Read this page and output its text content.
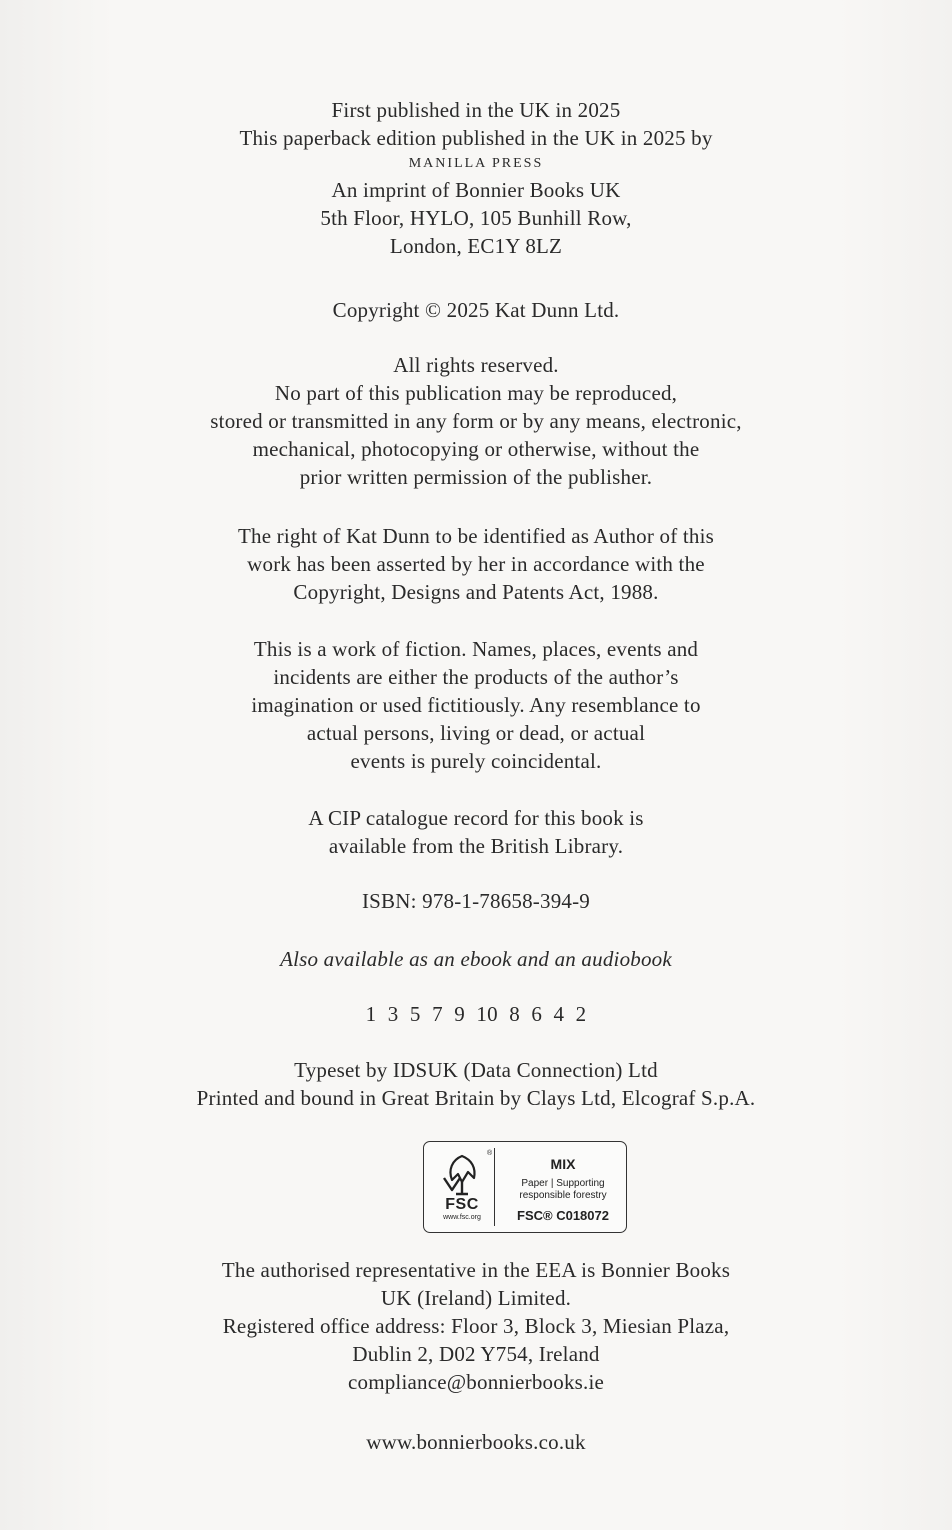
First published in the UK in 2025
This paperback edition published in the UK in 2025 by
MANILLA PRESS
An imprint of Bonnier Books UK
5th Floor, HYLO, 105 Bunhill Row,
London, EC1Y 8LZ
Copyright © 2025 Kat Dunn Ltd.
All rights reserved.
No part of this publication may be reproduced,
stored or transmitted in any form or by any means, electronic,
mechanical, photocopying or otherwise, without the
prior written permission of the publisher.
The right of Kat Dunn to be identified as Author of this
work has been asserted by her in accordance with the
Copyright, Designs and Patents Act, 1988.
This is a work of fiction. Names, places, events and
incidents are either the products of the author’s
imagination or used fictitiously. Any resemblance to
actual persons, living or dead, or actual
events is purely coincidental.
A CIP catalogue record for this book is
available from the British Library.
ISBN: 978-1-78658-394-9
Also available as an ebook and an audiobook
1 3 5 7 9 10 8 6 4 2
Typeset by IDSUK (Data Connection) Ltd
Printed and bound in Great Britain by Clays Ltd, Elcograf S.p.A.
®
FSC
www.fsc.org
MIX
Paper | Supporting
responsible forestry
FSC® C018072
The authorised representative in the EEA is Bonnier Books
UK (Ireland) Limited.
Registered office address: Floor 3, Block 3, Miesian Plaza,
Dublin 2, D02 Y754, Ireland
compliance@bonnierbooks.ie
www.bonnierbooks.co.uk
